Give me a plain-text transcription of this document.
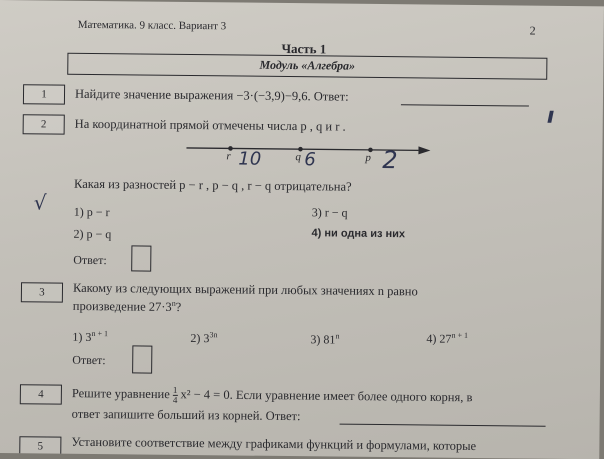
Математика. 9 класс. Вариант 3	2
Часть 1
Модуль «Алгебра»
1	Найдите значение выражения −3·(−3,9)−9,6. Ответ:
ı
2	На координатной прямой отмечены числа p , q и r .
r	q	p
10 6	2
Какая из разностей p − r , p − q , r − q отрицательна?
√ 1) p − r	3) r − q
2) p − q	4) ни одна из них
Ответ:
3	Какому из следующих выражений при любых значениях n равно
произведение $27\cdot 3^n$?
1) $3^{n + 1}$	2) $3^{3n}$	3) 81$^n$	4) $27^{n + 1}$
Ответ:
4	Решите уравнение $\frac{1}{4} x^2 - 4 = 0$. Если уравнение имеет более одного корня, в
ответ запишите больший из корней. Ответ:
5	Установите соответствие между графиками функций и формулами, которые
